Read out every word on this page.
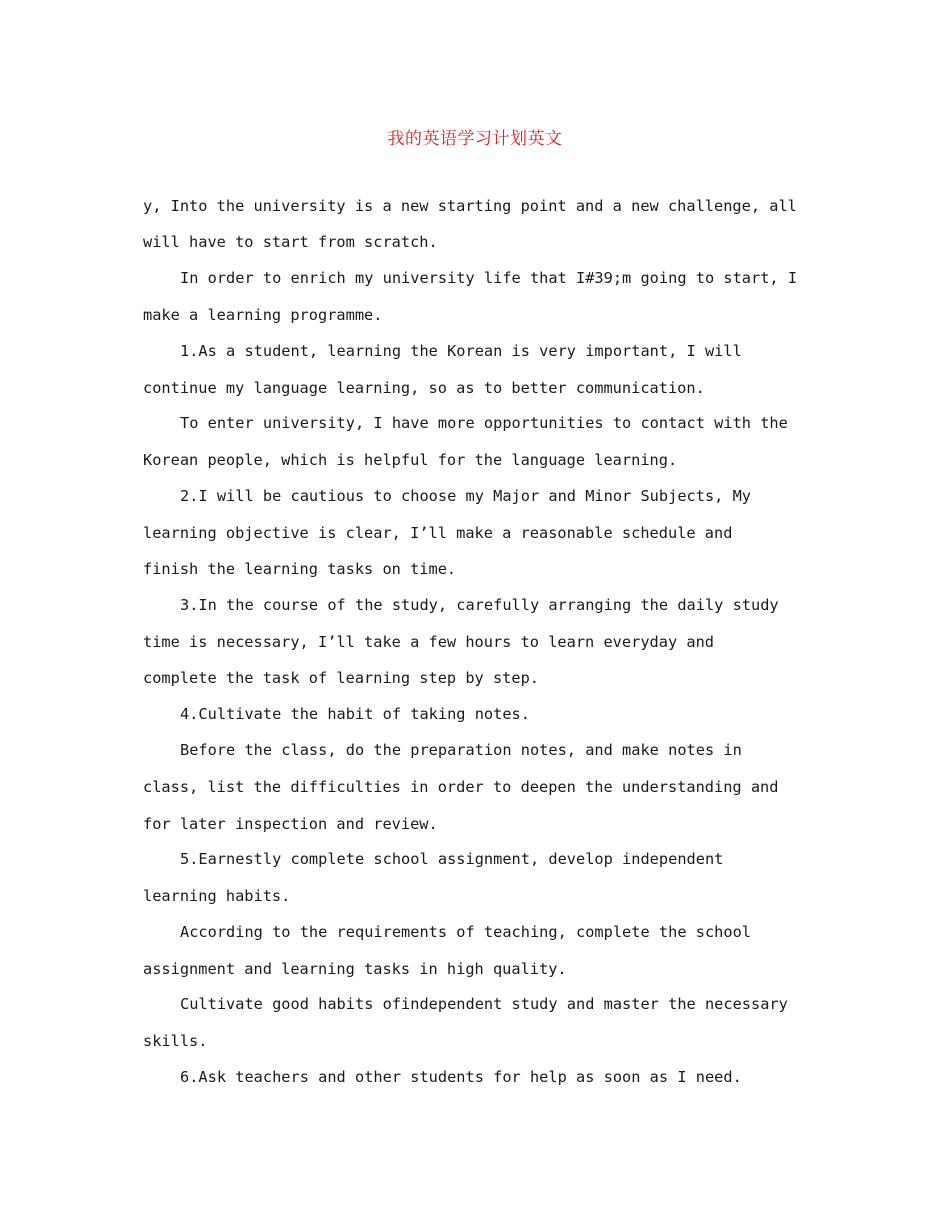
我的英语学习计划英文
y, Into the university is a new starting point and a new challenge, all
will have to start from scratch.
In order to enrich my university life that I#39;m going to start, I
make a learning programme.
1.As a student, learning the Korean is very important, I will
continue my language learning, so as to better communication.
To enter university, I have more opportunities to contact with the
Korean people, which is helpful for the language learning.
2.I will be cautious to choose my Major and Minor Subjects, My
learning objective is clear, I’ll make a reasonable schedule and
finish the learning tasks on time.
3.In the course of the study, carefully arranging the daily study
time is necessary, I’ll take a few hours to learn everyday and
complete the task of learning step by step.
4.Cultivate the habit of taking notes.
Before the class, do the preparation notes, and make notes in
class, list the difficulties in order to deepen the understanding and
for later inspection and review.
5.Earnestly complete school assignment, develop independent
learning habits.
According to the requirements of teaching, complete the school
assignment and learning tasks in high quality.
Cultivate good habits ofindependent study and master the necessary
skills.
6.Ask teachers and other students for help as soon as I need.
